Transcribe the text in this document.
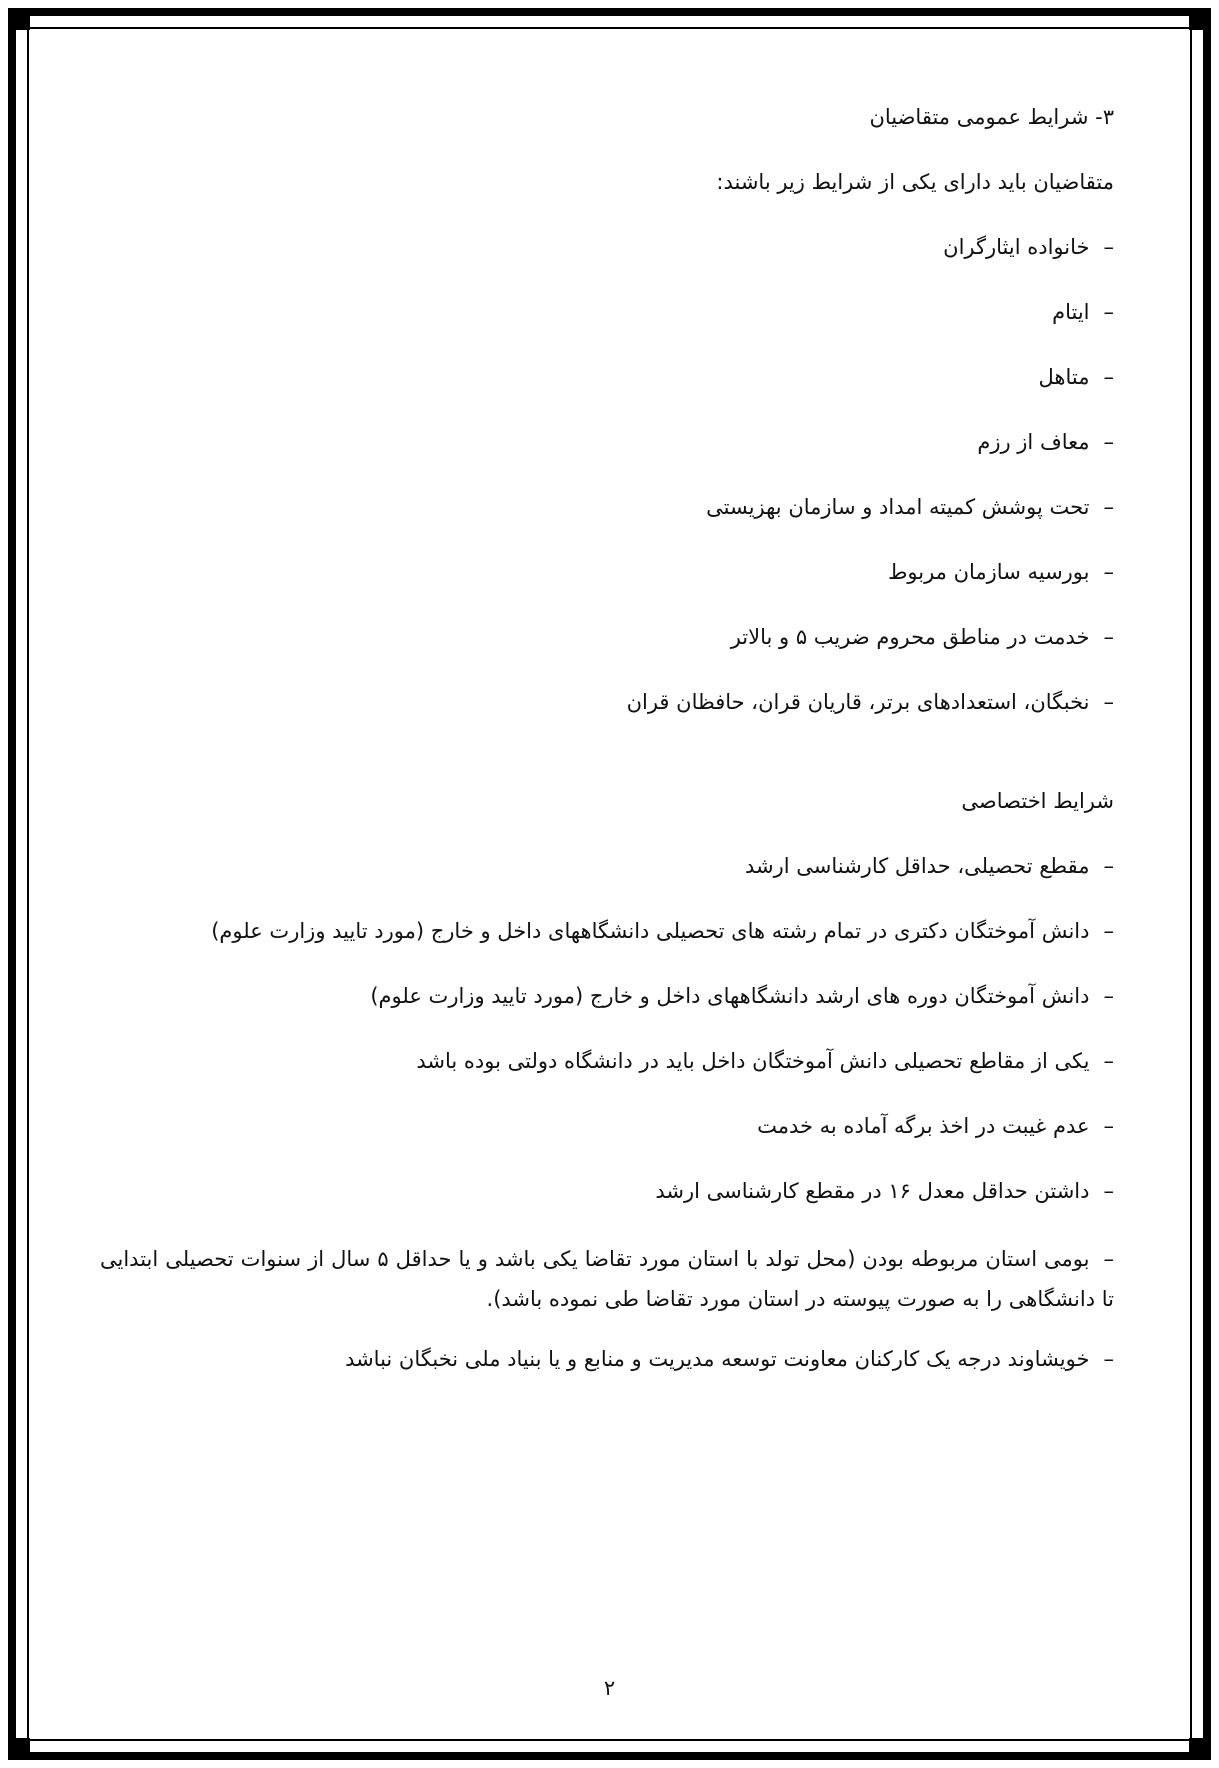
۳- شرایط عمومی متقاضیان
متقاضیان باید دارای یکی از شرایط زیر باشند:
–خانواده ایثارگران
–ایتام
–متاهل
–معاف از رزم
–تحت پوشش کمیته امداد و سازمان بهزیستی
–بورسیه سازمان مربوط
–خدمت در مناطق محروم ضریب ۵ و بالاتر
–نخبگان، استعدادهای برتر، قاریان قران، حافظان قران
شرایط اختصاصی
–مقطع تحصیلی، حداقل کارشناسی ارشد
–دانش آموختگان دکتری در تمام رشته های تحصیلی دانشگاههای داخل و خارج (مورد تایید وزارت علوم)
–دانش آموختگان دوره های ارشد دانشگاههای داخل و خارج (مورد تایید وزارت علوم)
–یکی از مقاطع تحصیلی دانش آموختگان داخل باید در دانشگاه دولتی بوده باشد
–عدم غیبت در اخذ برگه آماده به خدمت
–داشتن حداقل معدل ۱۶ در مقطع کارشناسی ارشد
–بومی استان مربوطه بودن (محل تولد با استان مورد تقاضا یکی باشد و یا حداقل ۵ سال از سنوات تحصیلی ابتدایی تا دانشگاهی را به صورت پیوسته در استان مورد تقاضا طی نموده باشد).
–خویشاوند درجه یک کارکنان معاونت توسعه مدیریت و منابع و یا بنیاد ملی نخبگان نباشد
۲
